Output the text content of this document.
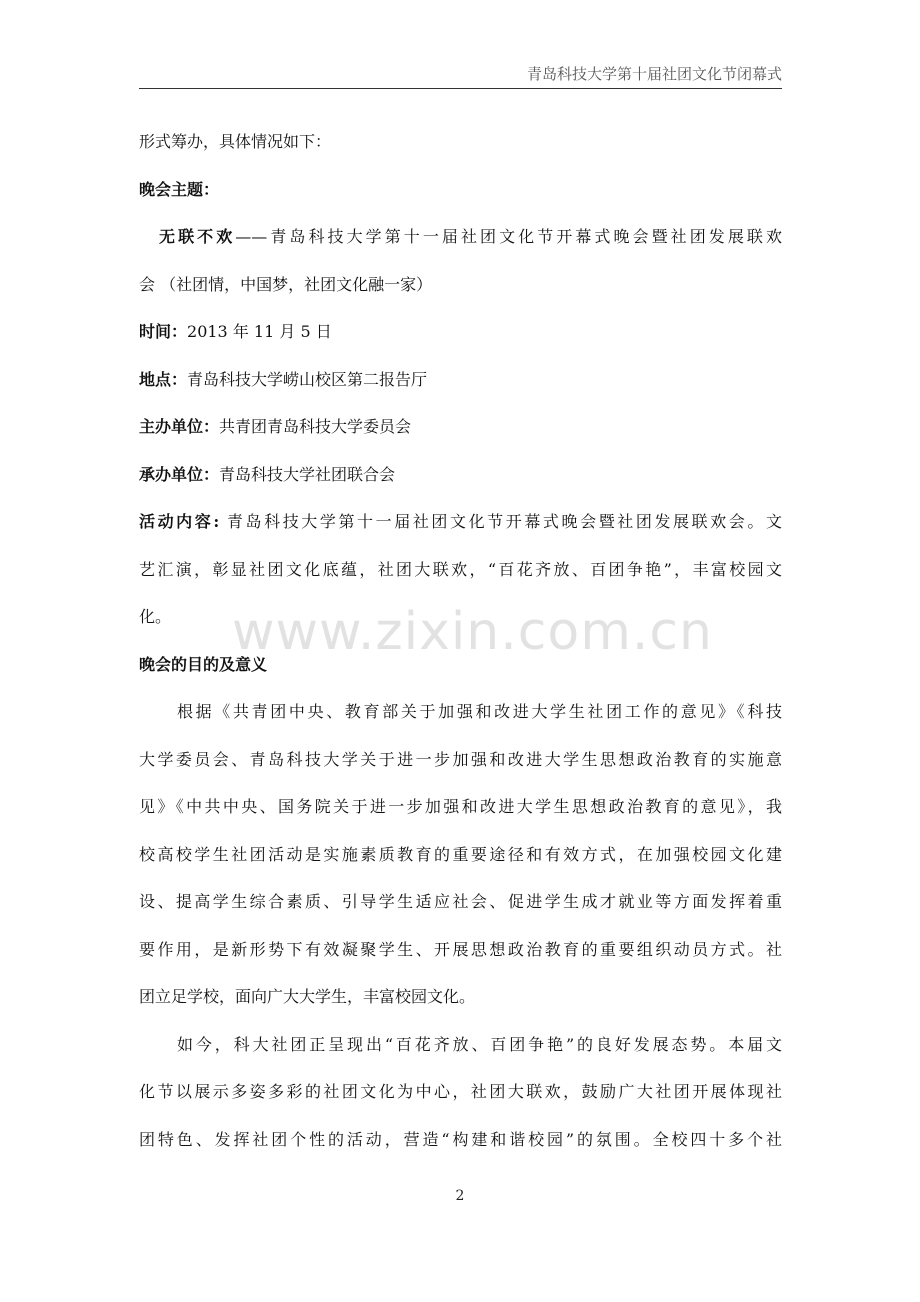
青岛科技大学第十届社团文化节闭幕式
形式筹办，具体情况如下：
晚会主题：
无联不欢——青岛科技大学第十一届社团文化节开幕式晚会暨社团发展联欢
会 （社团情，中国梦，社团文化融一家）
时间：2013 年 11 月 5 日
地点：青岛科技大学崂山校区第二报告厅
主办单位：共青团青岛科技大学委员会
承办单位：青岛科技大学社团联合会
活动内容: 青岛科技大学第十一届社团文化节开幕式晚会暨社团发展联欢会。文
艺汇演，彰显社团文化底蕴，社团大联欢，“百花齐放、百团争艳”，丰富校园文
化。
晚会的目的及意义
根据《共青团中央、教育部关于加强和改进大学生社团工作的意见》《科技
大学委员会、青岛科技大学关于进一步加强和改进大学生思想政治教育的实施意
见》《中共中央、国务院关于进一步加强和改进大学生思想政治教育的意见》，我
校高校学生社团活动是实施素质教育的重要途径和有效方式，在加强校园文化建
设、提高学生综合素质、引导学生适应社会、促进学生成才就业等方面发挥着重
要作用，是新形势下有效凝聚学生、开展思想政治教育的重要组织动员方式。社
团立足学校，面向广大大学生，丰富校园文化。
如今，科大社团正呈现出“百花齐放、百团争艳”的良好发展态势。本届文
化节以展示多姿多彩的社团文化为中心，社团大联欢，鼓励广大社团开展体现社
团特色、发挥社团个性的活动，营造“构建和谐校园”的氛围。全校四十多个社
www.zixin.com.cn
2
